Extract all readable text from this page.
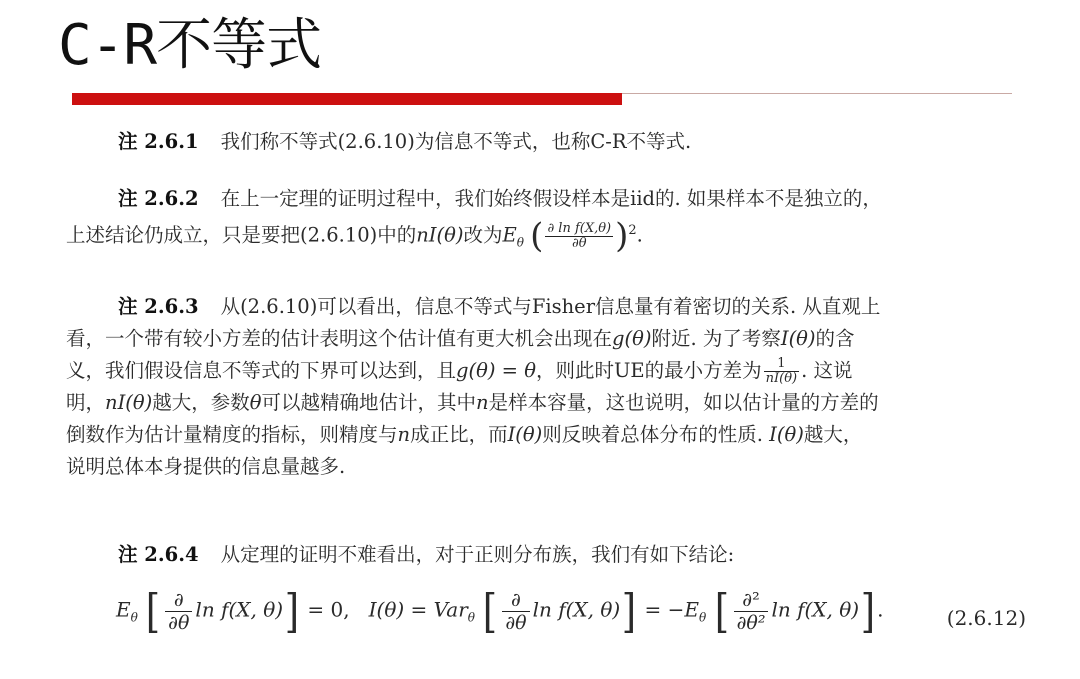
C-R不等式

注 2.6.1 我们称不等式(2.6.10)为信息不等式，也称C-R不等式.

注 2.6.2 在上一定理的证明过程中，我们始终假设样本是iid的. 如果样本不是独立的，
上述结论仍成立，只是要把(2.6.10)中的nI(θ)改为$E_\theta$ ( $\frac{\text{∂ ln f(X,θ)}}{\partial\theta} )^2$.
注 2.6.3 从(2.6.10)可以看出，信息不等式与Fisher信息量有着密切的关系. 从直观上
看，一个带有较小方差的估计表明这个估计值有更大机会出现在g(θ)附近. 为了考察I(θ)的含
义，我们假设信息不等式的下界可以达到，且g(θ) = θ，则此时UE的最小方差为 $\frac{1}{nI(\theta)}$ . 这说
明，nI(θ)越大，参数θ可以越精确地估计，其中n是样本容量，这也说明，如以估计量的方差的
倒数作为估计量精度的指标，则精度与n成正比，而I(θ)则反映着总体分布的性质. I(θ)越大，
说明总体本身提供的信息量越多.

注 2.6.4 从定理的证明不难看出，对于正则分布族，我们有如下结论:

$E_\theta$ [ $\frac{\partial}{\partial\theta}$ ln f(X, θ)] = 0, I(θ) = Var$_\theta$ [ $\frac{\partial}{\partial\theta}$ ln f(X, $\theta)] = -E_\theta$ [ $\frac{\text{∂²}}{\text{∂θ²}}$ ln f(X, θ)].	(2.6.12)
